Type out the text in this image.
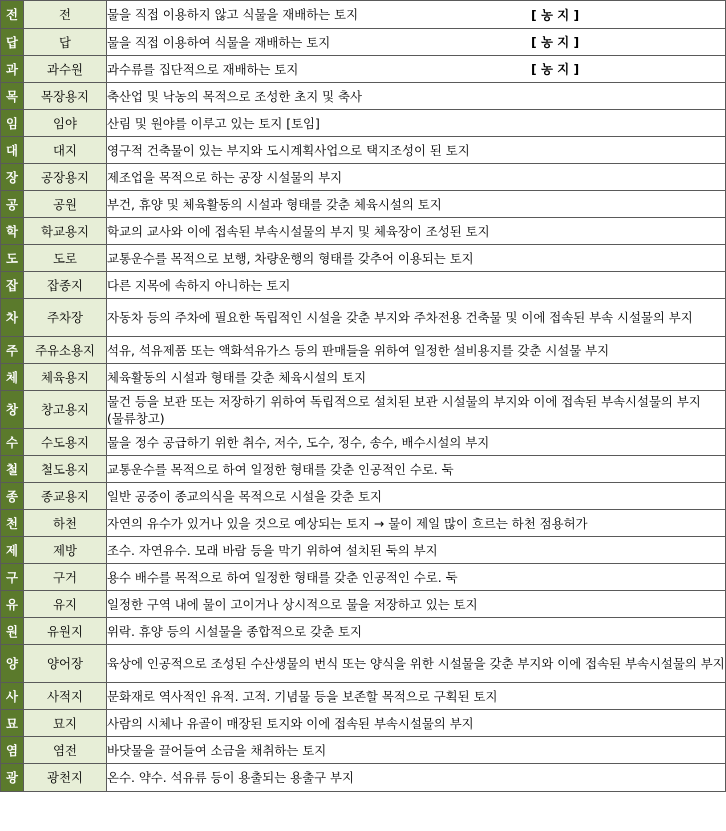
전	전	물을 직접 이용하지 않고 식물을 재배하는 토지 [ 농 지 ]

답	답	물을 직접 이용하여 식물을 재배하는 토지 [ 농 지 ]

과	과수원	과수류를 집단적으로 재배하는 토지 [ 농 지 ]

목	목장용지	축산업 및 낙농의 목적으로 조성한 초지 및 축사
임	임야	산림 및 원야를 이루고 있는 토지 [토임]
대	대지	영구적 건축물이 있는 부지와 도시계획사업으로 택지조성이 된 토지
장	공장용지	제조업을 목적으로 하는 공장 시설물의 부지
공	공원	부건, 휴양 및 체육활동의 시설과 형태를 갖춘 체육시설의 토지
학	학교용지	학교의 교사와 이에 접속된 부속시설물의 부지 및 체육장이 조성된 토지
도	도로	교통운수를 목적으로 보행, 차량운행의 형태를 갖추어 이용되는 토지
잡	잡종지	다른 지목에 속하지 아니하는 토지
차	주차장	자동차 등의 주차에 필요한 독립적인 시설을 갖춘 부지와 주차전용 건축물 및 이에 접속된 부속 시설물의 부지
주	주유소용지	석유, 석유제품 또는 액화석유가스 등의 판매들을 위하여 일정한 설비용지를 갖춘 시설물 부지
체	체육용지	체육활동의 시설과 형태를 갖춘 체육시설의 토지
창	창고용지	물건 등을 보관 또는 저장하기 위하여 독립적으로 설치된 보관 시설물의 부지와 이에 접속된 부속시설물의 부지(물류창고)
수	수도용지	물을 정수 공급하기 위한 취수, 저수, 도수, 정수, 송수, 배수시설의 부지
철	철도용지	교통운수를 목적으로 하여 일정한 형태를 갖춘 인공적인 수로. 둑
종	종교용지	일반 공중이 종교의식을 목적으로 시설을 갖춘 토지
천	하천	자연의 유수가 있거나 있을 것으로 예상되는 토지 → 물이 제일 많이 흐르는 하천 점용허가
제	제방	조수. 자연유수. 모래 바람 등을 막기 위하여 설치된 둑의 부지
구	구거	용수 배수를 목적으로 하여 일정한 형태를 갖춘 인공적인 수로. 둑
유	유지	일정한 구역 내에 물이 고이거나 상시적으로 물을 저장하고 있는 토지
원	유원지	위락. 휴양 등의 시설물을 종합적으로 갖춘 토지
양	양어장	육상에 인공적으로 조성된 수산생물의 번식 또는 양식을 위한 시설물을 갖춘 부지와 이에 접속된 부속시설물의 부지
사	사적지	문화재로 역사적인 유적. 고적. 기념물 등을 보존할 목적으로 구획된 토지
묘	묘지	사람의 시체나 유골이 매장된 토지와 이에 접속된 부속시설물의 부지
염	염전	바닷물을 끌어들여 소금을 채취하는 토지
광	광천지	온수. 약수. 석유류 등이 용출되는 용출구 부지
